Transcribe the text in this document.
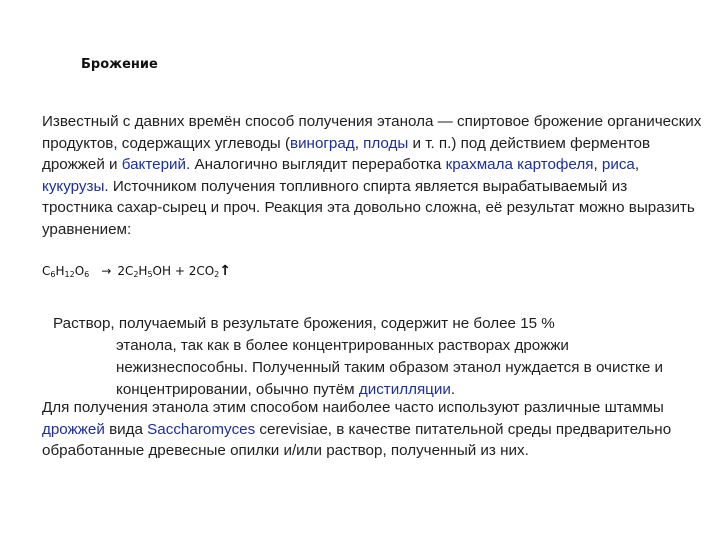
Брожение

Известный с давних времён способ получения этанола — спиртовое брожение органических продуктов, содержащих углеводы (виноград, плоды и т. п.) под действием ферментов дрожжей и бактерий. Аналогично выглядит переработка крахмала картофеля, риса, кукурузы. Источником получения топливного спирта является вырабатываемый из тростника сахар-сырец и проч. Реакция эта довольно сложна, её результат можно выразить уравнением:

$C_6H_{12}O_6 \to 2C_2H_5OH$ + $2CO_2↑$

Раствор, получаемый в результате брожения, содержит не более 15 %
этанола, так как в более концентрированных растворах дрожжи нежизнеспособны. Полученный таким образом этанол нуждается в очистке и концентрировании, обычно путём дистилляции.

Для получения этанола этим способом наиболее часто используют различные штаммы дрожжей вида Saccharomyces cerevisiae, в качестве питательной среды предварительно обработанные древесные опилки и/или раствор, полученный из них.
